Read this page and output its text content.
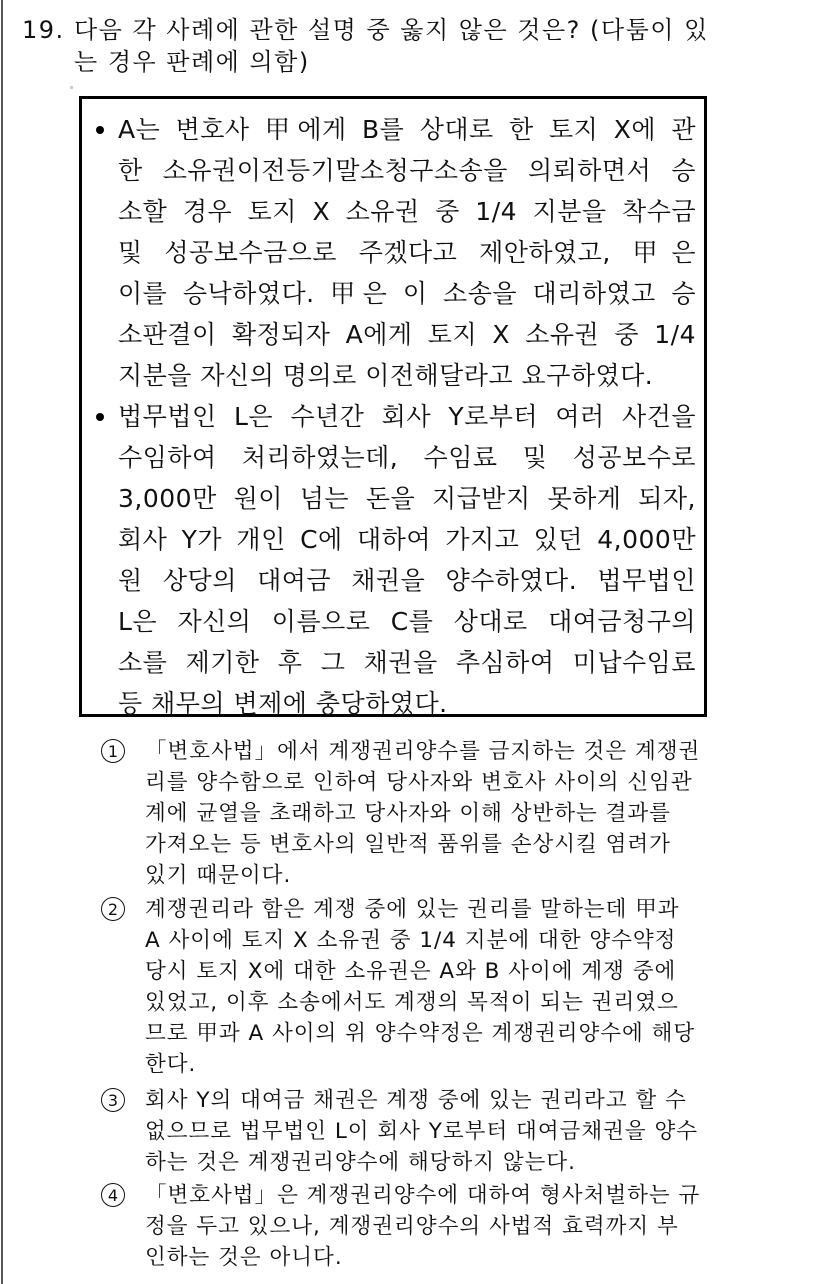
19. 다음 각 사례에 관한 설명 중 옳지 않은 것은? (다툼이 있
는 경우 판례에 의함)
A는 변호사 甲에게 B를 상대로 한 토지 X에 관
한 소유권이전등기말소청구소송을 의뢰하면서 승
소할 경우 토지 X 소유권 중 1/4 지분을 착수금
및 성공보수금으로 주겠다고 제안하였고, 甲은
이를 승낙하였다. 甲은 이 소송을 대리하였고 승
소판결이 확정되자 A에게 토지 X 소유권 중 1/4
지분을 자신의 명의로 이전해달라고 요구하였다.
법무법인 L은 수년간 회사 Y로부터 여러 사건을
수임하여 처리하였는데, 수임료 및 성공보수로
3,000만 원이 넘는 돈을 지급받지 못하게 되자,
회사 Y가 개인 C에 대하여 가지고 있던 4,000만
원 상당의 대여금 채권을 양수하였다. 법무법인
L은 자신의 이름으로 C를 상대로 대여금청구의
소를 제기한 후 그 채권을 추심하여 미납수임료
등 채무의 변제에 충당하였다.
1	「변호사법」에서 계쟁권리양수를 금지하는 것은 계쟁권
리를 양수함으로 인하여 당사자와 변호사 사이의 신임관
계에 균열을 초래하고 당사자와 이해 상반하는 결과를
가져오는 등 변호사의 일반적 품위를 손상시킬 염려가
있기 때문이다.
2	계쟁권리라 함은 계쟁 중에 있는 권리를 말하는데 甲과
A 사이에 토지 X 소유권 중 1/4 지분에 대한 양수약정
당시 토지 X에 대한 소유권은 A와 B 사이에 계쟁 중에
있었고, 이후 소송에서도 계쟁의 목적이 되는 권리였으
므로 甲과 A 사이의 위 양수약정은 계쟁권리양수에 해당
한다.
3	회사 Y의 대여금 채권은 계쟁 중에 있는 권리라고 할 수
없으므로 법무법인 L이 회사 Y로부터 대여금채권을 양수
하는 것은 계쟁권리양수에 해당하지 않는다.
4	「변호사법」은 계쟁권리양수에 대하여 형사처벌하는 규
정을 두고 있으나, 계쟁권리양수의 사법적 효력까지 부
인하는 것은 아니다.
